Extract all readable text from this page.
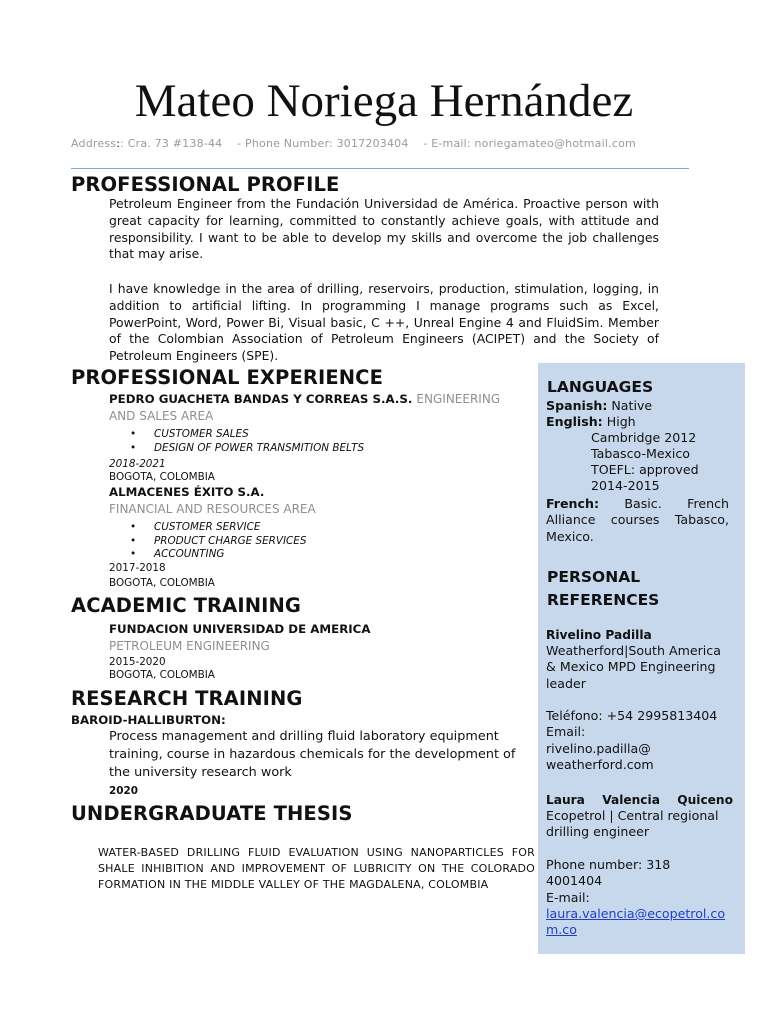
Mateo Noriega Hernández
Address:: Cra. 73 #138-44 - Phone Number: 3017203404 - E-mail: noriegamateo@hotmail.com
PROFESSIONAL PROFILE

Petroleum Engineer from the Fundación Universidad de América. Proactive person with great capacity for learning, committed to constantly achieve goals, with attitude and responsibility. I want to be able to develop my skills and overcome the job challenges that may arise.

I have knowledge in the area of drilling, reservoirs, production, stimulation, logging, in addition to artificial lifting. In programming I manage programs such as Excel, PowerPoint, Word, Power Bi, Visual basic, C ++, Unreal Engine 4 and FluidSim. Member of the Colombian Association of Petroleum Engineers (ACIPET) and the Society of Petroleum Engineers (SPE).

PROFESSIONAL EXPERIENCE

PEDRO GUACHETA BANDAS Y CORREAS S.A.S. ENGINEERING

AND SALES AREA

• CUSTOMER SALES

• DESIGN OF POWER TRANSMITION BELTS

2018-2021

BOGOTA, COLOMBIA

ALMACENES ÉXITO S.A.

FINANCIAL AND RESOURCES AREA

• CUSTOMER SERVICE

• PRODUCT CHARGE SERVICES

• ACCOUNTING

2017-2018

BOGOTA, COLOMBIA

ACADEMIC TRAINING

FUNDACION UNIVERSIDAD DE AMERICA

PETROLEUM ENGINEERING

2015-2020

BOGOTA, COLOMBIA

RESEARCH TRAINING

BAROID-HALLIBURTON:

Process management and drilling fluid laboratory equipment training, course in hazardous chemicals for the development of the university research work

2020

UNDERGRADUATE THESIS

WATER-BASED DRILLING FLUID EVALUATION USING NANOPARTICLES FOR SHALE INHIBITION AND IMPROVEMENT OF LUBRICITY ON THE COLORADO FORMATION IN THE MIDDLE VALLEY OF THE MAGDALENA, COLOMBIA

LANGUAGES

Spanish: Native

English: High

Cambridge 2012

Tabasco-Mexico

TOEFL: approved

2014-2015

French: Basic. French Alliance courses Tabasco, Mexico.

PERSONAL

REFERENCES

Rivelino Padilla

Weatherford|South America & Mexico MPD Engineering leader

Teléfono: +54 2995813404

Email:

rivelino.padilla@ weatherford.com

Laura Valencia Quiceno

Ecopetrol | Central regional drilling engineer

Phone number: 318 4001404

E-mail:

laura.valencia@ecopetrol.com.co
